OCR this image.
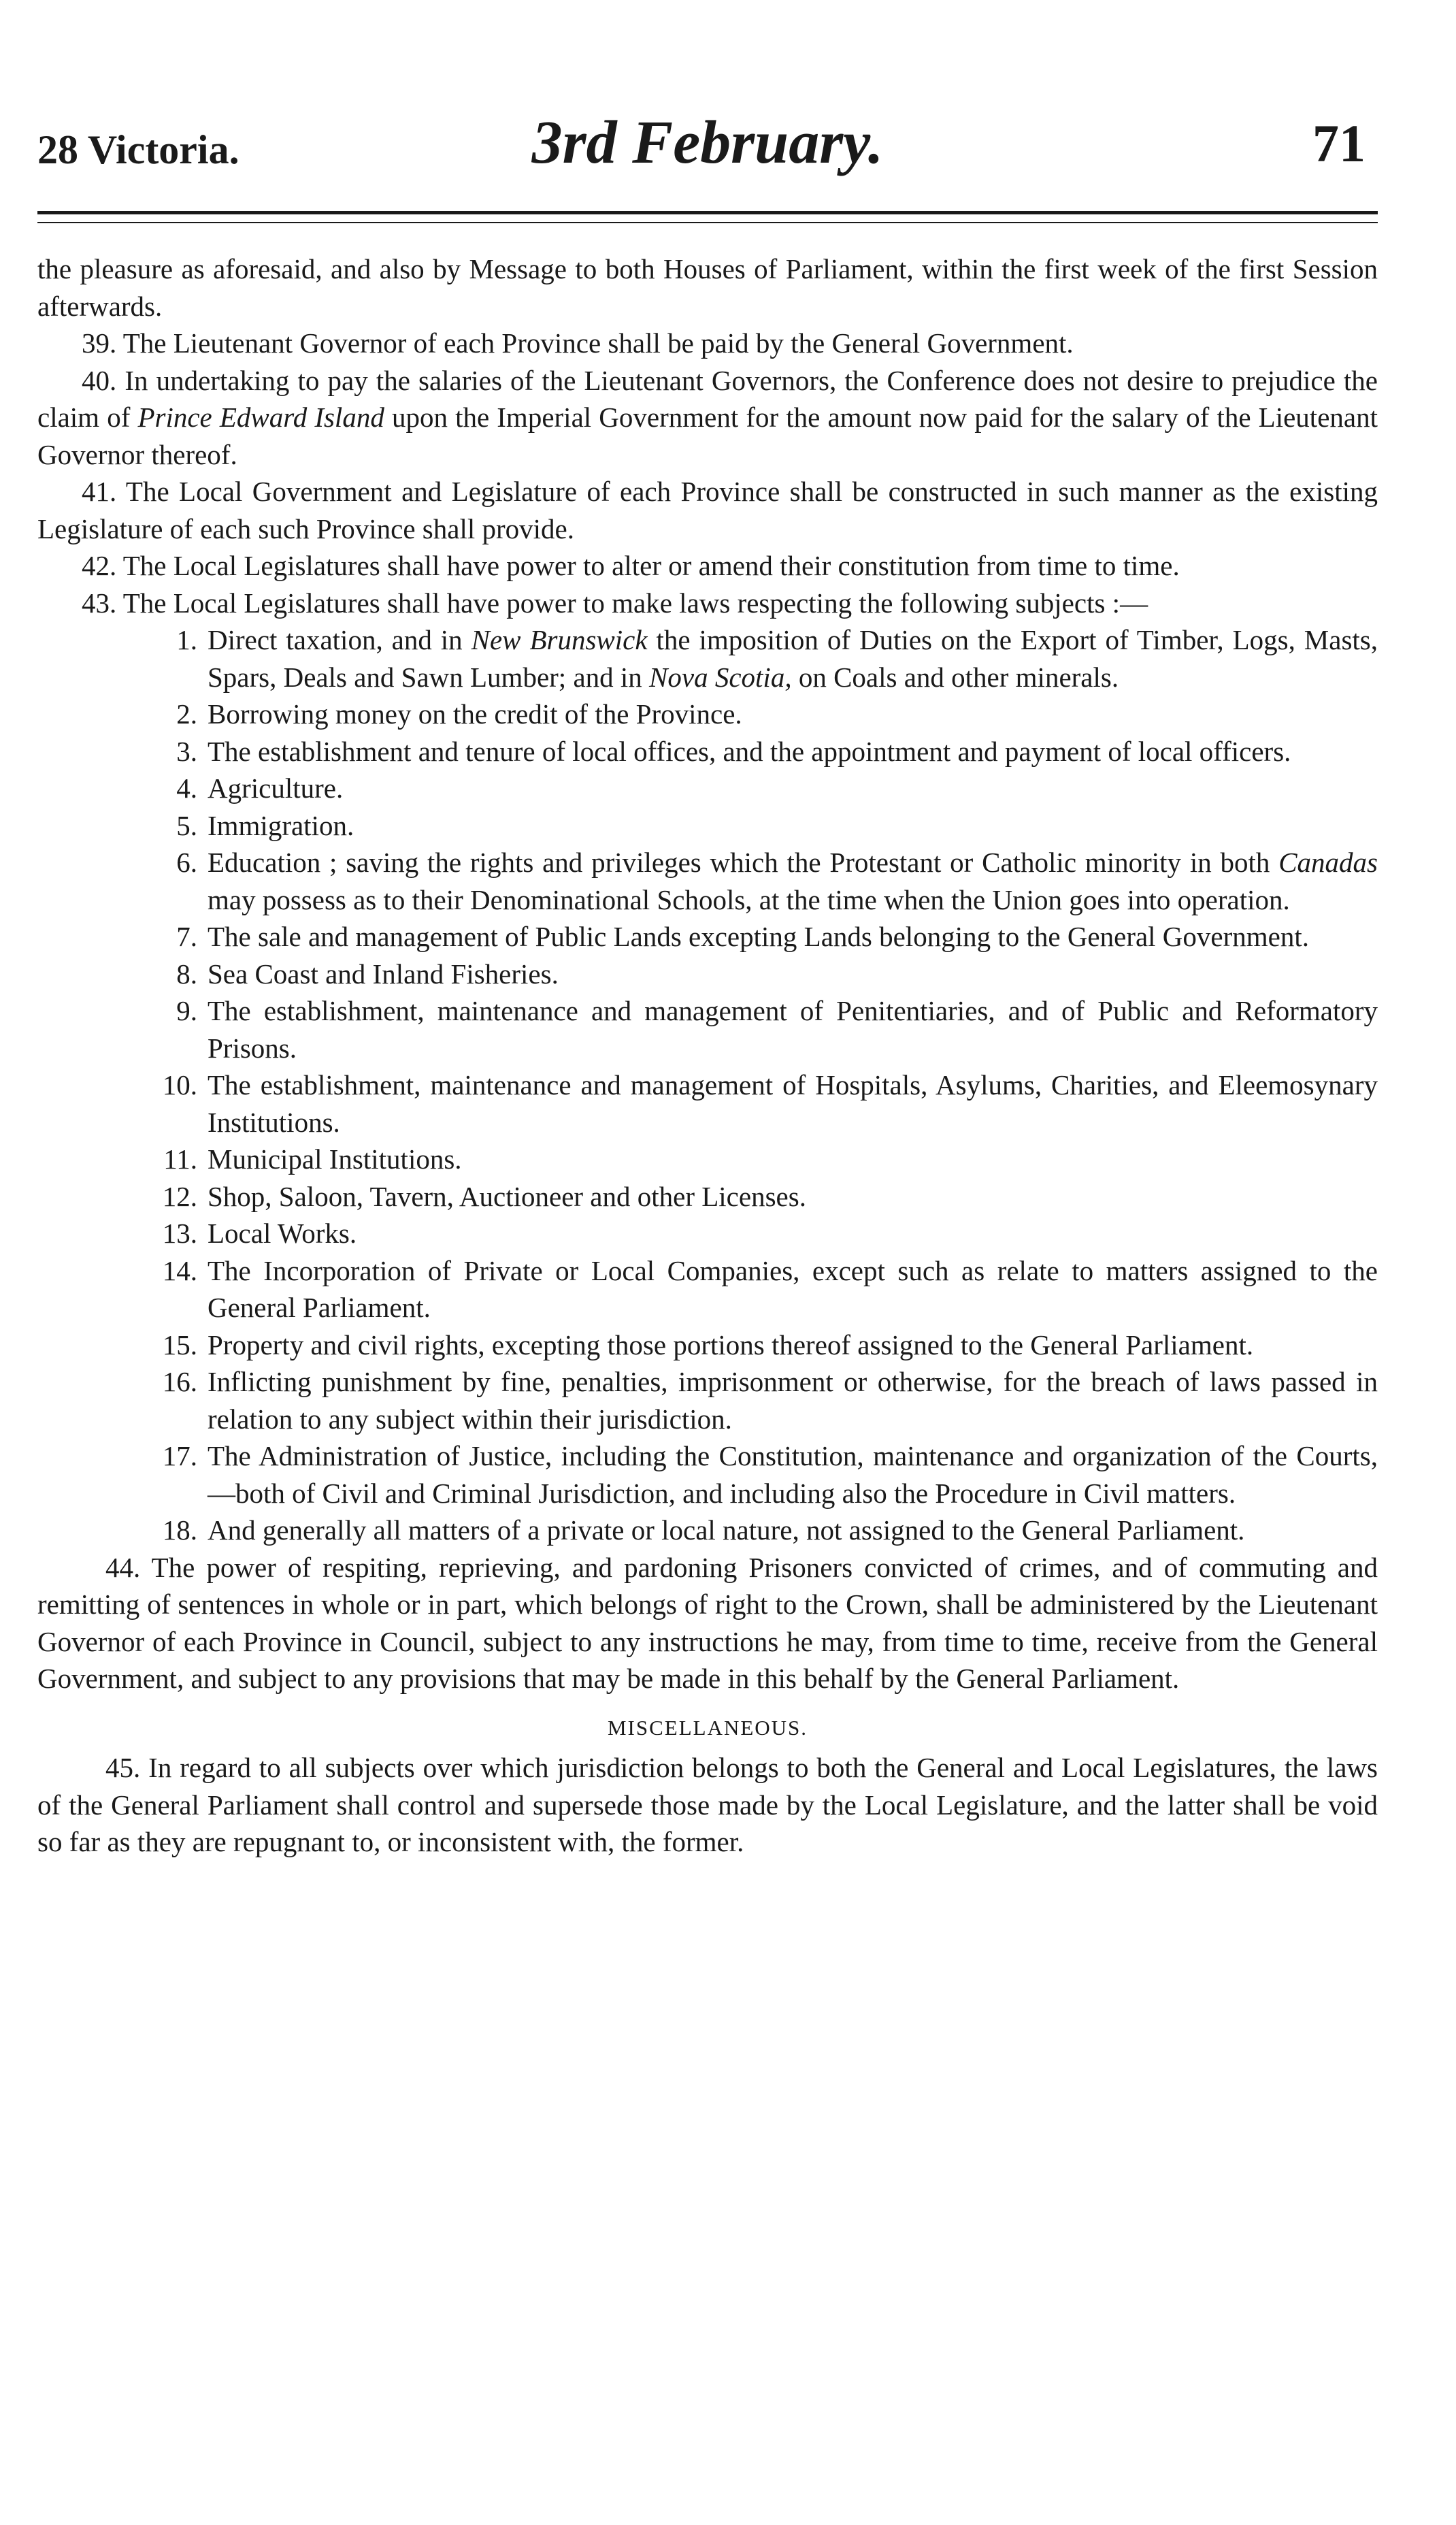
28 Victoria.	3rd February.	71

the pleasure as aforesaid, and also by Message to both Houses of Parliament, within the first week of the first Session afterwards.

39. The Lieutenant Governor of each Province shall be paid by the General Government.

40. In undertaking to pay the salaries of the Lieutenant Governors, the Conference does not desire to prejudice the claim of Prince Edward Island upon the Imperial Government for the amount now paid for the salary of the Lieutenant Governor thereof.

41. The Local Government and Legislature of each Province shall be constructed in such manner as the existing Legislature of each such Province shall provide.

42. The Local Legislatures shall have power to alter or amend their constitution from time to time.

43. The Local Legislatures shall have power to make laws respecting the following subjects :—

1. Direct taxation, and in New Brunswick the imposition of Duties on the Export of Timber, Logs, Masts, Spars, Deals and Sawn Lumber; and in Nova Scotia, on Coals and other minerals.
2. Borrowing money on the credit of the Province.
3. The establishment and tenure of local offices, and the appointment and payment of local officers.
4. Agriculture.
5. Immigration.
6. Education ; saving the rights and privileges which the Protestant or Catholic minority in both Canadas may possess as to their Denominational Schools, at the time when the Union goes into operation.
7. The sale and management of Public Lands excepting Lands belonging to the General Government.
8. Sea Coast and Inland Fisheries.
9. The establishment, maintenance and management of Penitentiaries, and of Public and Reformatory Prisons.
10. The establishment, maintenance and management of Hospitals, Asylums, Charities, and Eleemosynary Institutions.
11. Municipal Institutions.
12. Shop, Saloon, Tavern, Auctioneer and other Licenses.
13. Local Works.
14. The Incorporation of Private or Local Companies, except such as relate to matters assigned to the General Parliament.
15. Property and civil rights, excepting those portions thereof assigned to the General Parliament.
16. Inflicting punishment by fine, penalties, imprisonment or otherwise, for the breach of laws passed in relation to any subject within their jurisdiction.
17. The Administration of Justice, including the Constitution, maintenance and organization of the Courts,—both of Civil and Criminal Jurisdiction, and including also the Procedure in Civil matters.
18. And generally all matters of a private or local nature, not assigned to the General Parliament.

44. The power of respiting, reprieving, and pardoning Prisoners convicted of crimes, and of commuting and remitting of sentences in whole or in part, which belongs of right to the Crown, shall be administered by the Lieutenant Governor of each Province in Council, subject to any instructions he may, from time to time, receive from the General Government, and subject to any provisions that may be made in this behalf by the General Parliament.

MISCELLANEOUS.

45. In regard to all subjects over which jurisdiction belongs to both the General and Local Legislatures, the laws of the General Parliament shall control and supersede those made by the Local Legislature, and the latter shall be void so far as they are repugnant to, or inconsistent with, the former.
